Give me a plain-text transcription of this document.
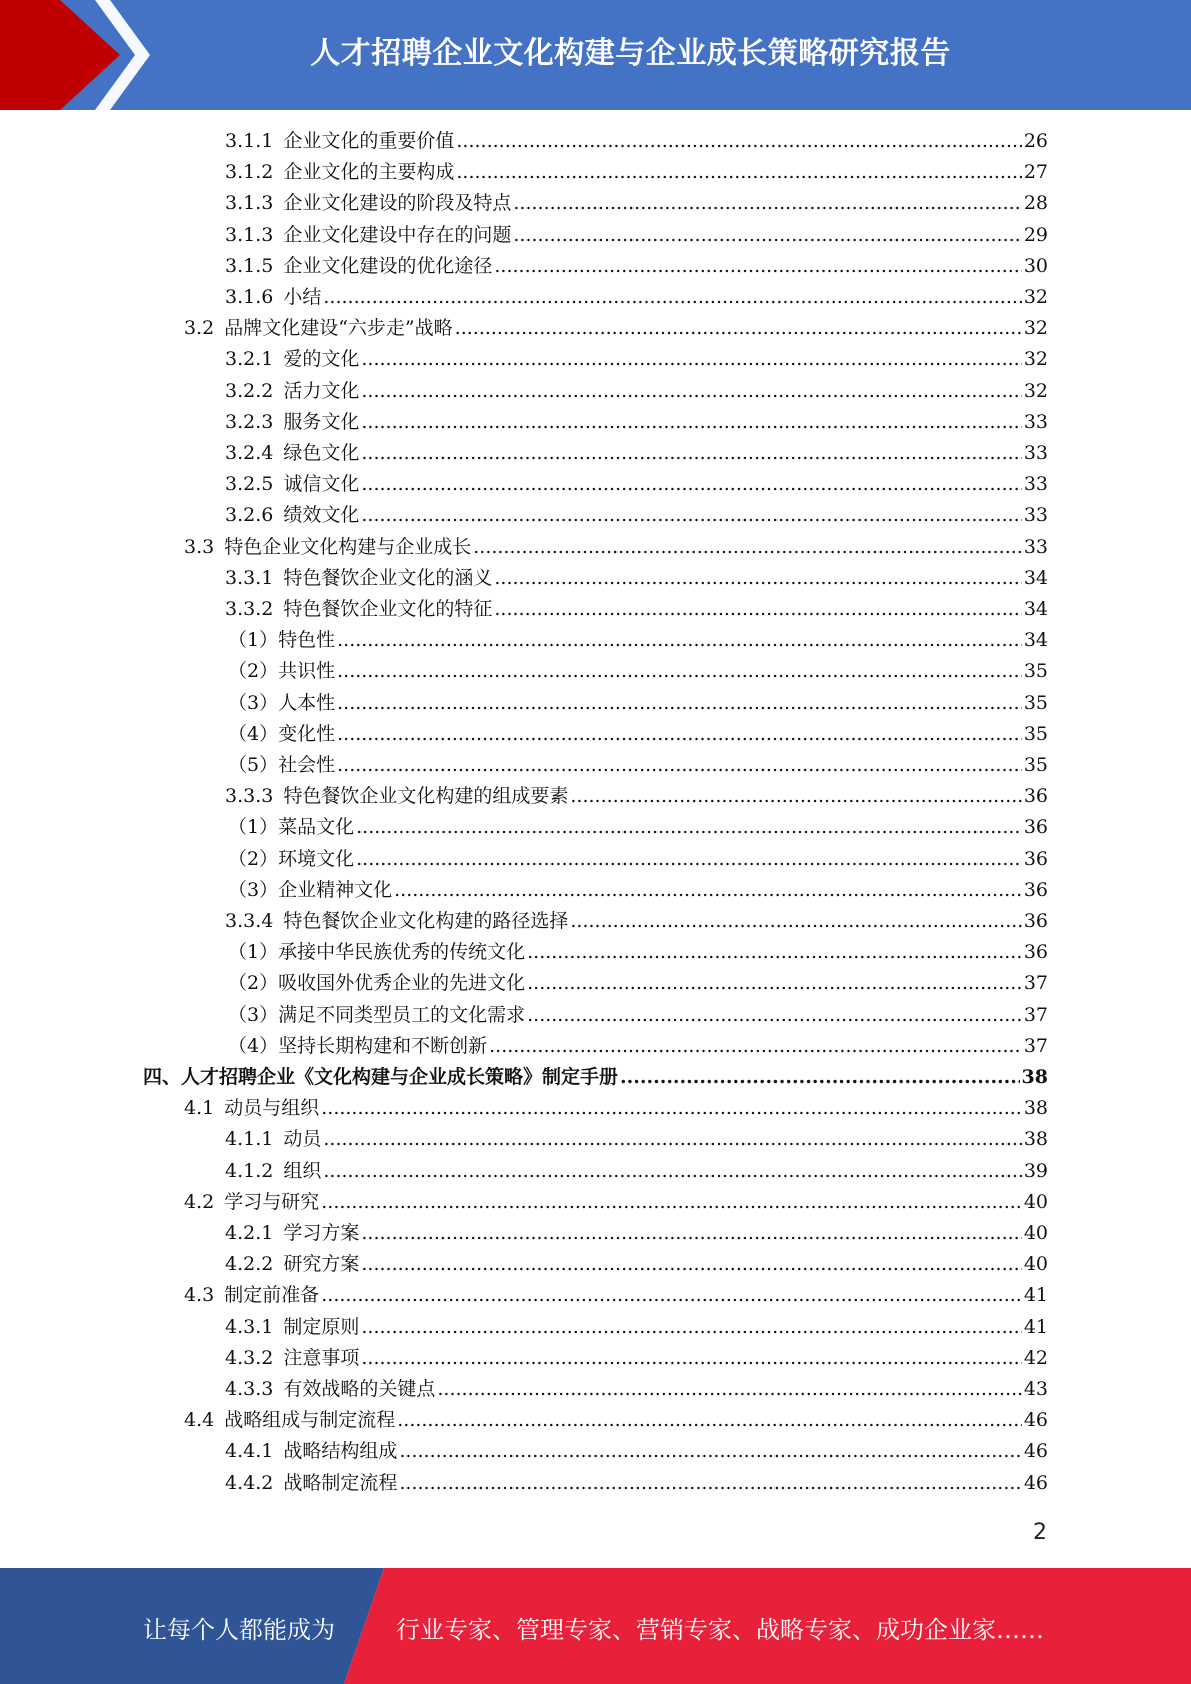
人才招聘企业文化构建与企业成长策略研究报告
3.1.1 企业文化的重要价值 .....	26
3.1.2 企业文化的主要构成 .....	27
3.1.3 企业文化建设的阶段及特点 .....	28
3.1.3 企业文化建设中存在的问题 .....	29
3.1.5 企业文化建设的优化途径 .....	30
3.1.6 小结 .....	32
3.2 品牌文化建设“六步走”战略 .....	32
3.2.1 爱的文化 .....	32
3.2.2 活力文化 .....	32
3.2.3 服务文化 .....	33
3.2.4 绿色文化 .....	33
3.2.5 诚信文化 .....	33
3.2.6 绩效文化 .....	33
3.3 特色企业文化构建与企业成长 .....	33
3.3.1 特色餐饮企业文化的涵义 .....	34
3.3.2 特色餐饮企业文化的特征 .....	34
（1） 特色性 .....	34
（2） 共识性 .....	35
（3） 人本性 .....	35
（4） 变化性 .....	35
（5） 社会性 .....	35
3.3.3 特色餐饮企业文化构建的组成要素 .....	36
（1） 菜品文化 .....	36
（2） 环境文化 .....	36
（3） 企业精神文化 .....	36
3.3.4 特色餐饮企业文化构建的路径选择 .....	36
（1） 承接中华民族优秀的传统文化 .....	36
（2） 吸收国外优秀企业的先进文化 .....	37
（3） 满足不同类型员工的文化需求 .....	37
（4） 坚持长期构建和不断创新 .....	37
四、人才招聘企业《文化构建与企业成长策略》制定手册 .....	38
4.1 动员与组织 .....	38
4.1.1 动员 .....	38
4.1.2 组织 .....	39
4.2 学习与研究 .....	40
4.2.1 学习方案 .....	40
4.2.2 研究方案 .....	40
4.3 制定前准备 .....	41
4.3.1 制定原则 .....	41
4.3.2 注意事项 .....	42
4.3.3 有效战略的关键点 .....	43
4.4 战略组成与制定流程 .....	46
4.4.1 战略结构组成 .....	46
4.4.2 战略制定流程 .....	46
2
让每个人都能成为	行业专家、管理专家、营销专家、战略专家、成功企业家……
